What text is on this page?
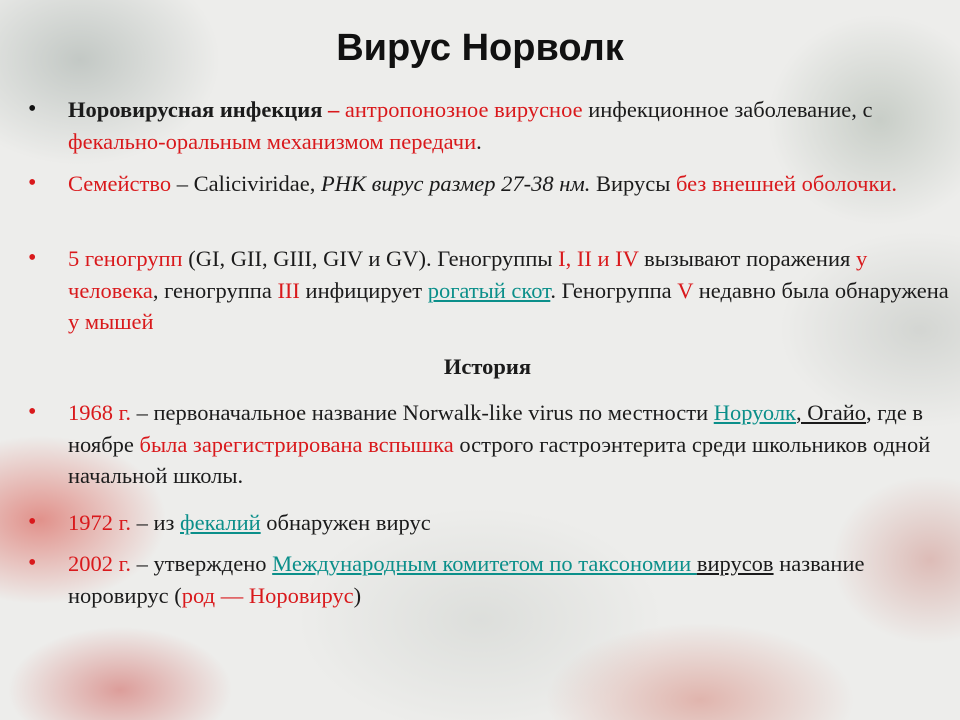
Вирус Норволк
• Норовирусная инфекция – антропонозное вирусное инфекционное заболевание, с фекально-оральным механизмом передачи.
• Семейство – Caliciviridae, РНК вирус размер 27-38 нм. Вирусы без внешней оболочки.
• 5 геногрупп (GI, GII, GIII, GIV и GV). Геногруппы I, II и IV вызывают поражения у человека, геногруппа III инфицирует рогатый скот. Геногруппа V недавно была обнаружена у мышей
История
• 1968 г. – первоначальное название Norwalk-like virus по местности Норуолк, Огайо, где в ноябре была зарегистрирована вспышка острого гастроэнтерита среди школьников одной начальной школы.
• 1972 г. – из фекалий обнаружен вирус
• 2002 г. – утверждено Международным комитетом по таксономии вирусов название норовирус (род — Норовирус)
